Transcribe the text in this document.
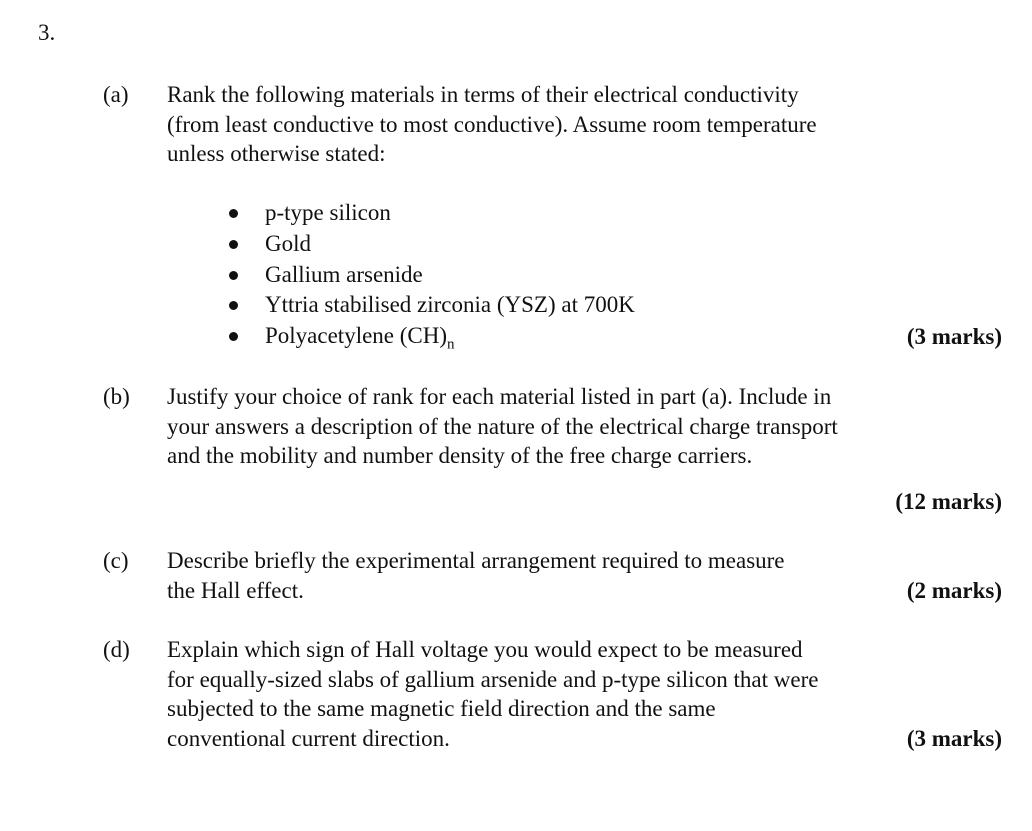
3.
(a) Rank the following materials in terms of their electrical conductivity (from least conductive to most conductive). Assume room temperature unless otherwise stated:
p-type silicon
Gold
Gallium arsenide
Yttria stabilised zirconia (YSZ) at 700K
Polyacetylene $(CH)_n$	(3 marks)
(b) Justify your choice of rank for each material listed in part (a). Include in your answers a description of the nature of the electrical charge transport and the mobility and number density of the free charge carriers.
(12 marks)
(c) Describe briefly the experimental arrangement required to measure the Hall effect.	(2 marks)
(d) Explain which sign of Hall voltage you would expect to be measured for equally-sized slabs of gallium arsenide and p-type silicon that were subjected to the same magnetic field direction and the same conventional current direction.	(3 marks)
